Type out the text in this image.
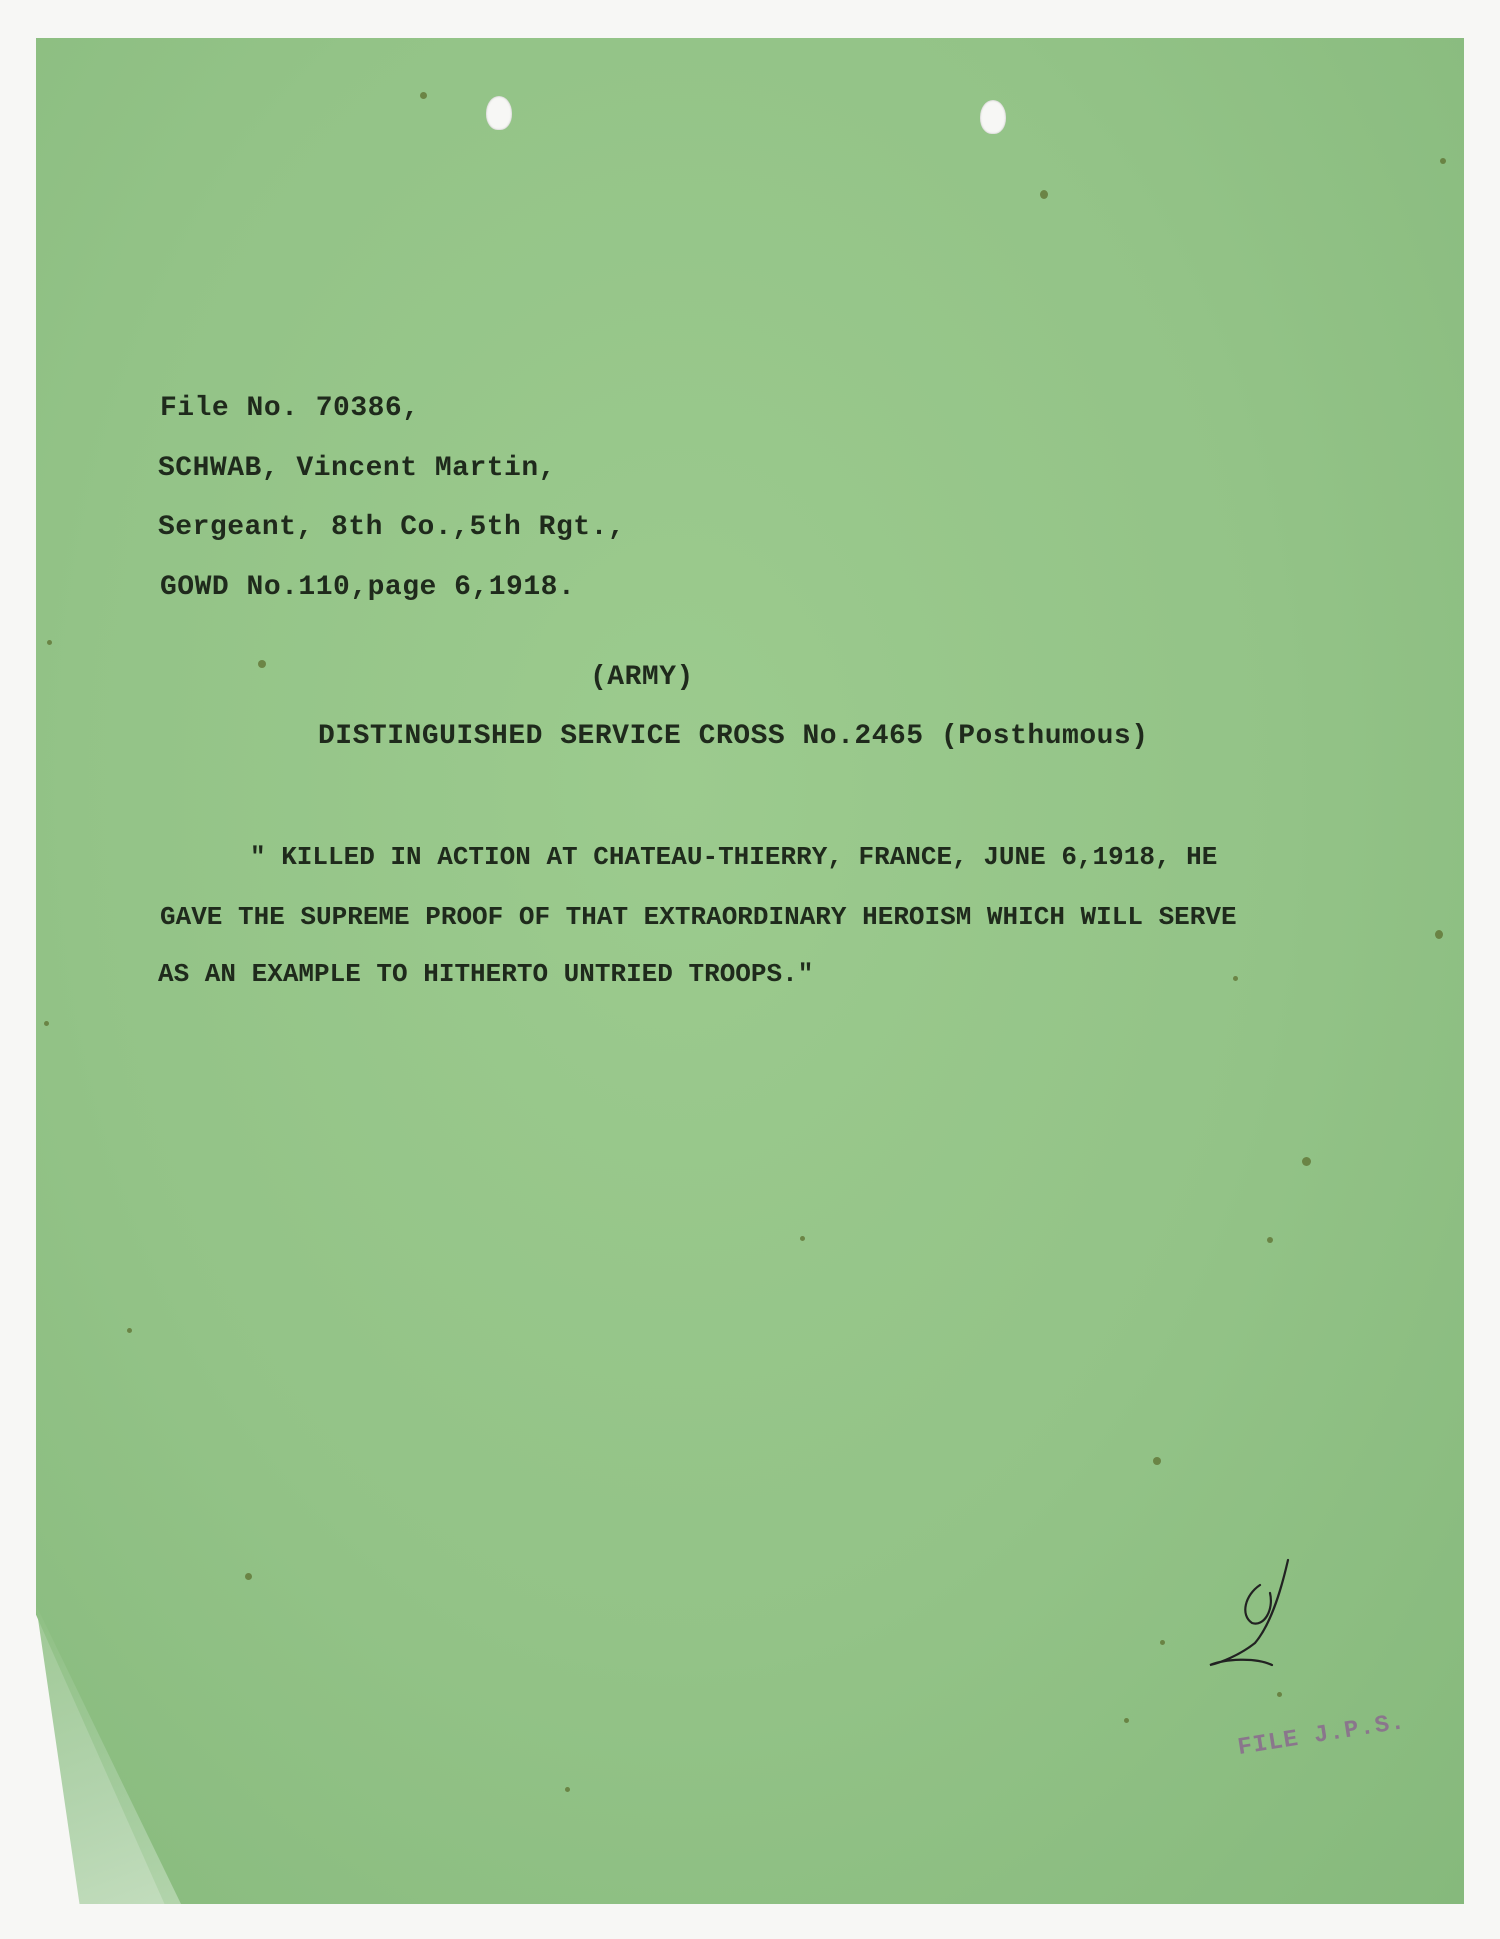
File No. 70386,

SCHWAB, Vincent Martin,

Sergeant, 8th Co.,5th Rgt.,

GOWD No.110,page 6,1918.

(ARMY)

DISTINGUISHED SERVICE CROSS No.2465 (Posthumous)

" KILLED IN ACTION AT CHATEAU-THIERRY, FRANCE, JUNE 6,1918, HE

GAVE THE SUPREME PROOF OF THAT EXTRAORDINARY HEROISM WHICH WILL SERVE

AS AN EXAMPLE TO HITHERTO UNTRIED TROOPS."

FILE J.P.S.
